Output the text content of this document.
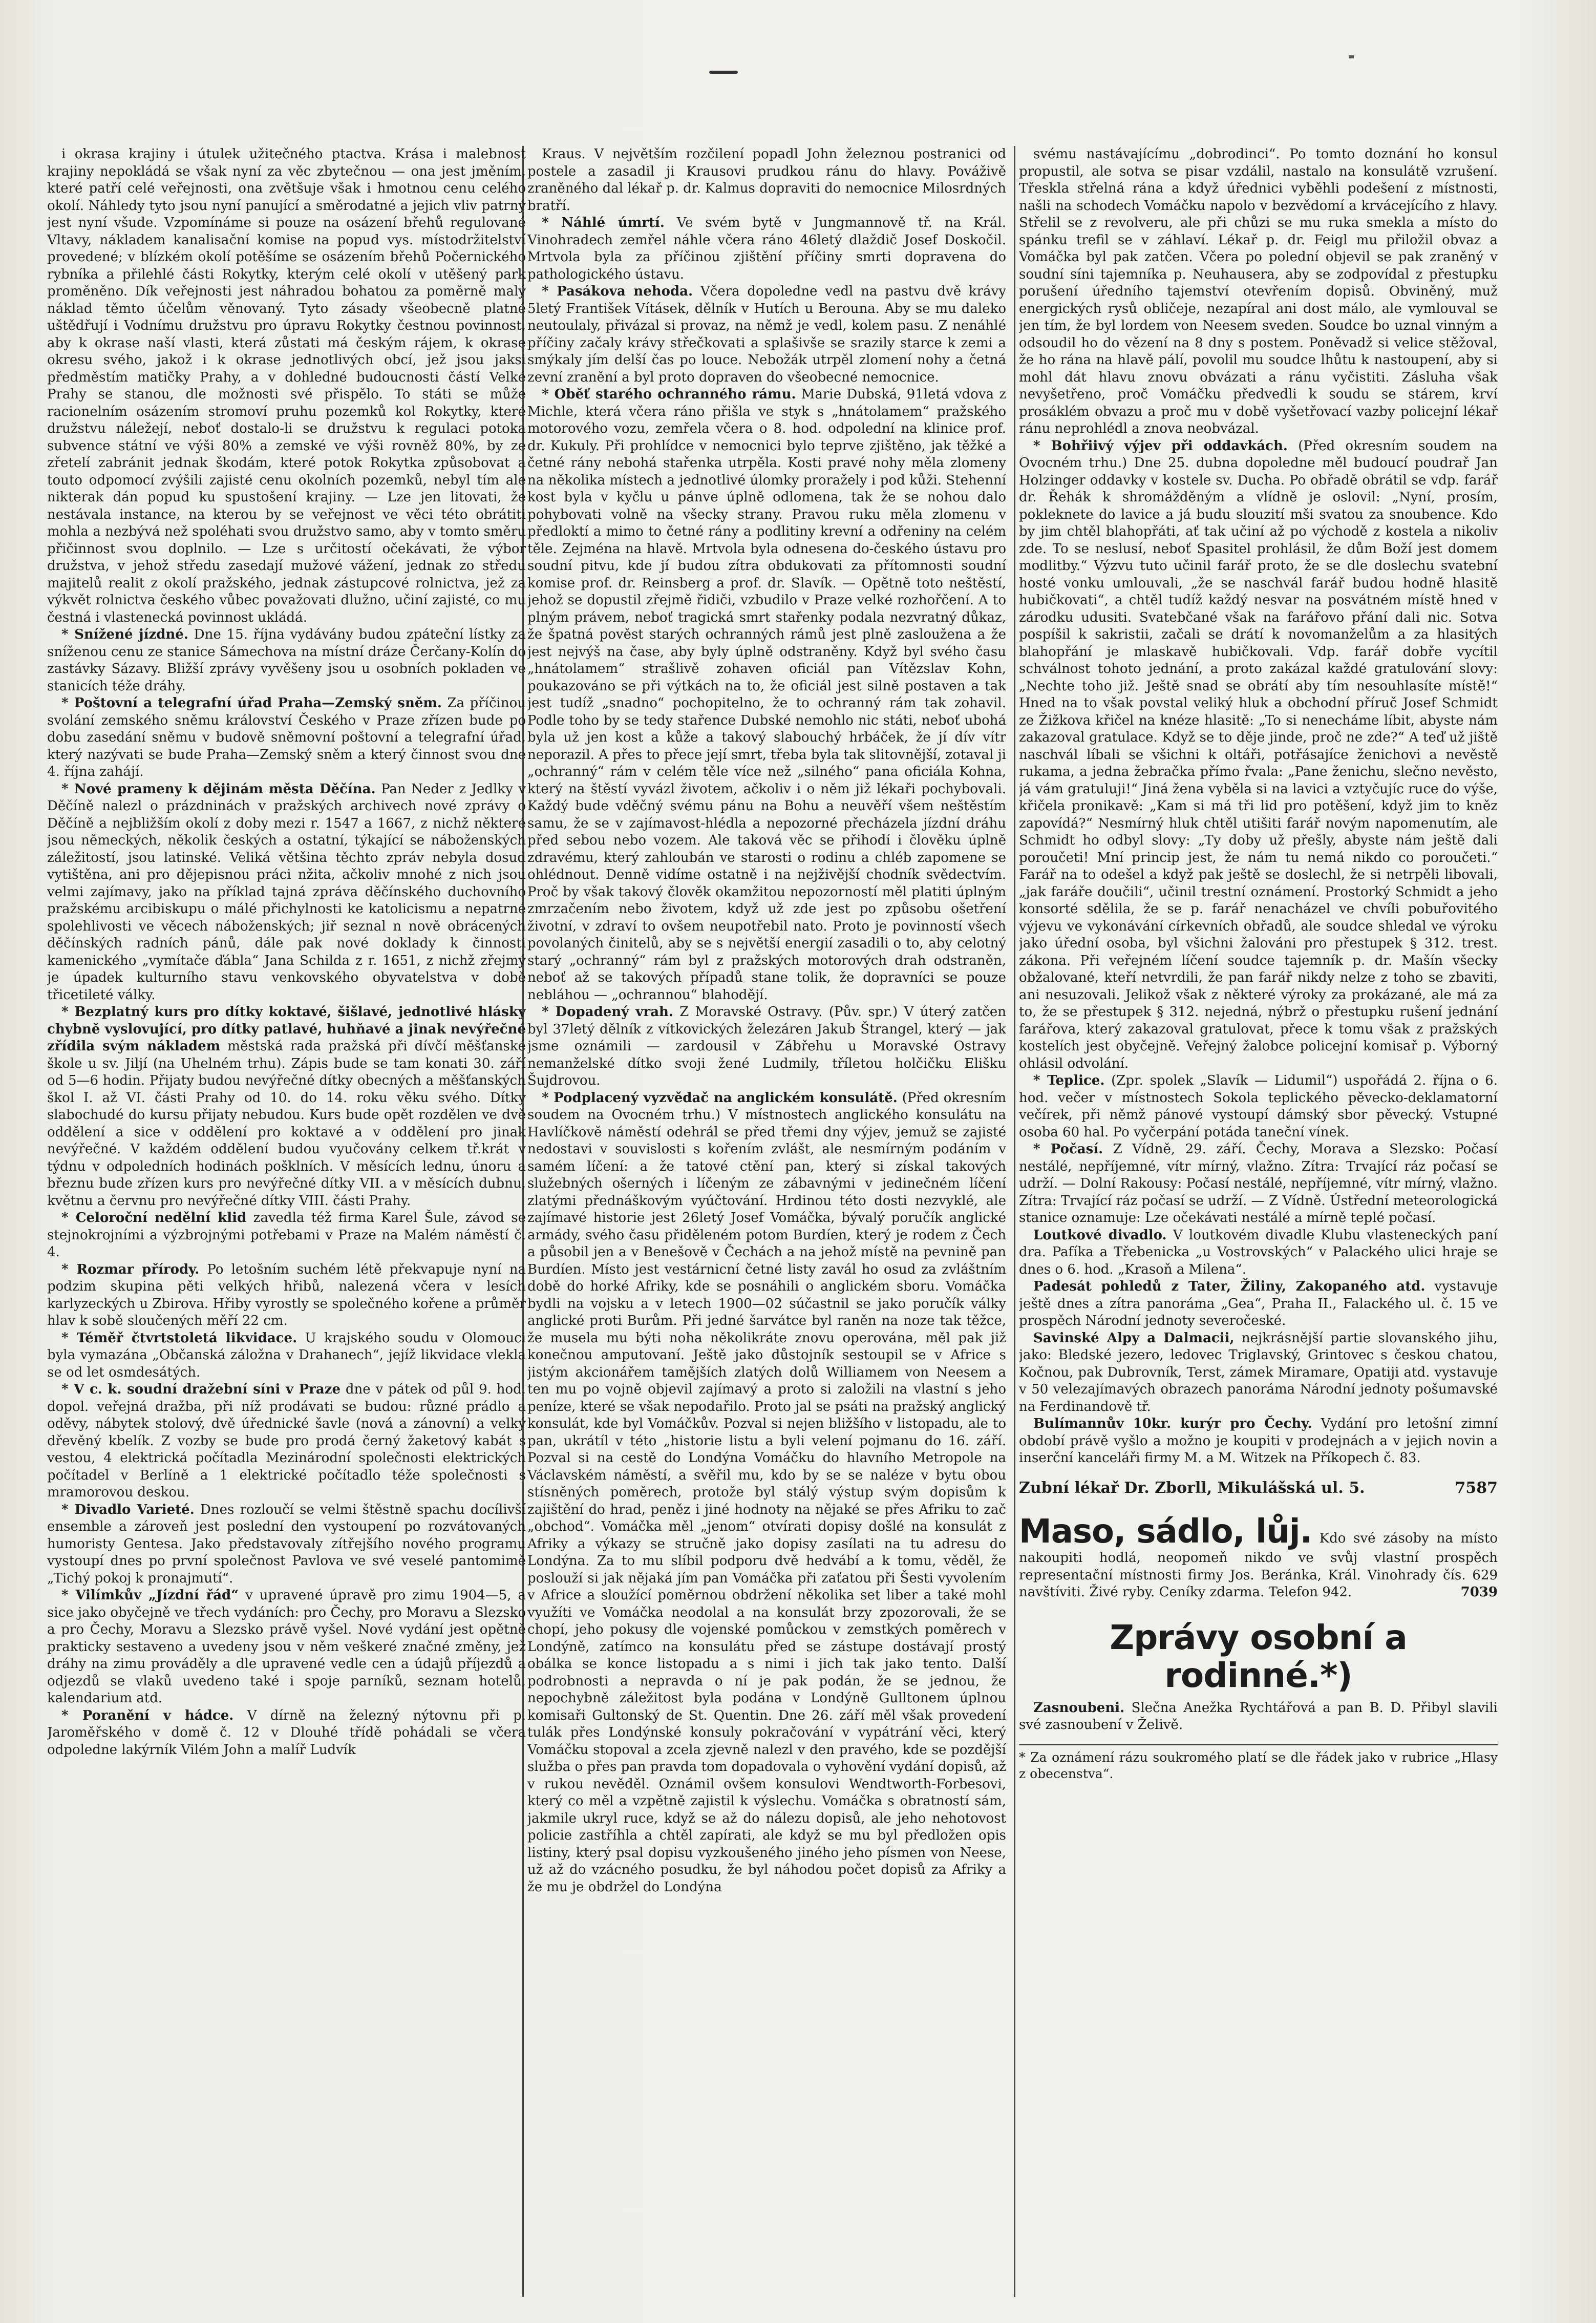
i okrasa krajiny i útulek užitečného ptactva. Krása i malebnost krajiny nepokládá se však nyní za věc zbytečnou — ona jest jměním, které patří celé veřejnosti, ona zvětšuje však i hmotnou cenu celého okolí. Náhledy tyto jsou nyní panující a směrodatné a jejich vliv patrný jest nyní všude. Vzpomínáme si pouze na osázení břehů regulované Vltavy, nákladem kanalisační komise na popud vys. místodržitelství provedené; v blízkém okolí potěšíme se osázením břehů Počernického rybníka a přilehlé části Rokytky, kterým celé okolí v utěšený park proměněno. Dík veřejnosti jest náhradou bohatou za poměrně malý náklad těmto účelům věnovaný. Tyto zásady všeobecně platné uštědřují i Vodnímu družstvu pro úpravu Rokytky čestnou povinnost, aby k okrase naší vlasti, která zůstati má českým rájem, k okrase okresu svého, jakož i k okrase jednotlivých obcí, jež jsou jaksi předměstím matičky Prahy, a v dohledné budoucnosti částí Velké Prahy se stanou, dle možnosti své přispělo. To státi se může racionelním osázením stromoví pruhu pozemků kol Rokytky, které družstvu náležejí, neboť dostalo-li se družstvu k regulaci potoka subvence státní ve výši 80% a zemské ve výši rovněž 80%, by ze zřetelí zabránit jednak škodám, které potok Rokytka způsobovat a touto odpomocí zvýšili zajisté cenu okolních pozemků, nebyl tím ale nikterak dán popud ku spustošení krajiny. — Lze jen litovati, že nestávala instance, na kterou by se veřejnost ve věci této obrátiti mohla a nezbývá než spoléhati svou družstvo samo, aby v tomto směru přičinnost svou doplnilo. — Lze s určitostí očekávati, že výbor družstva, v jehož středu zasedají mužové vážení, jednak zo středu majitelů realit z okolí pražského, jednak zástupcové rolnictva, jež za výkvět rolnictva českého vůbec považovati dlužno, učiní zajisté, co mu čestná i vlastenecká povinnost ukládá.

* Snížené jízdné. Dne 15. října vydávány budou zpáteční lístky za sníženou cenu ze stanice Sámechova na místní dráze Čerčany-Kolín do zastávky Sázavy. Bližší zprávy vyvěšeny jsou u osobních pokladen ve stanicích téže dráhy.

* Poštovní a telegrafní úřad Praha—Zemský sněm. Za příčinou svolání zemského sněmu království Českého v Praze zřízen bude po dobu zasedání sněmu v budově sněmovní poštovní a telegrafní úřad, který nazývati se bude Praha—Zemský sněm a který činnost svou dne 4. října zahájí.

* Nové prameny k dějinám města Děčína. Pan Neder z Jedlky v Děčíně nalezl o prázdninách v pražských archivech nové zprávy o Děčíně a nejbližším okolí z doby mezi r. 1547 a 1667, z nichž některé jsou německých, několik českých a ostatní, týkající se náboženských záležitostí, jsou latinské. Veliká většina těchto zpráv nebyla dosud vytištěna, ani pro dějepisnou práci nžita, ačkoliv mnohé z nich jsou velmi zajímavy, jako na příklad tajná zpráva děčínského duchovního pražskému arcibiskupu o málé přichylnosti ke katolicismu a nepatrné spolehlivosti ve věcech náboženských; jiř seznal n nově obrácených děčínských radních pánů, dále pak nové doklady k činnosti kamenického „vymítače ďábla“ Jana Schilda z r. 1651, z nichž zřejmý je úpadek kulturního stavu venkovského obyvatelstva v době třicetileté války.

* Bezplatný kurs pro dítky koktavé, šišlavé, jednotlivé hlásky chybně vyslovující, pro dítky patlavé, huhňavé a jinak nevýřečné zřídila svým nákladem městská rada pražská při dívčí měšťanské škole u sv. Jiljí (na Uhelném trhu). Zápis bude se tam konati 30. září od 5—6 hodin. Přijaty budou nevýřečné dítky obecných a měšťanských škol I. až VI. části Prahy od 10. do 14. roku věku svého. Dítky slabochudé do kursu přijaty nebudou. Kurs bude opět rozdělen ve dvě oddělení a sice v oddělení pro koktavé a v oddělení pro jinak nevýřečné. V každém oddělení budou vyučovány celkem tř.krát v týdnu v odpoledních hodinách pošklních. V měsících lednu, únoru a březnu bude zřízen kurs pro nevýřečné dítky VII. a v měsících dubnu, květnu a červnu pro nevýřečné dítky VIII. části Prahy.

* Celoroční nedělní klid zavedla též firma Karel Šule, závod se stejnokrojními a výzbrojnými potřebami v Praze na Malém náměstí č. 4.

* Rozmar přírody. Po letošním suchém létě překvapuje nyní na podzim skupina pěti velkých hřibů, nalezená včera v lesích karlyzeckých u Zbirova. Hřiby vyrostly se společného kořene a průměr hlav k sobě sloučených měří 22 cm.

* Téměř čtvrtstoletá likvidace. U krajského soudu v Olomouci byla vymazána „Občanská záložna v Drahanech“, jejíž likvidace vlekla se od let osmdesátých.

* V c. k. soudní dražební síni v Praze dne v pátek od půl 9. hod. dopol. veřejná dražba, při níž prodávati se budou: různé prádlo a oděvy, nábytek stolový, dvě úřednické šavle (nová a zánovní) a velký dřevěný kbelík. Z vozby se bude pro prodá černý žaketový kabát s vestou, 4 elektrická počítadla Mezinárodní společnosti elektrických počítadel v Berlíně a 1 elektrické počítadlo téže společnosti s mramorovou deskou.

* Divadlo Varieté. Dnes rozloučí se velmi štěstně spachu docílivší ensemble a zároveň jest poslední den vystoupení po rozvátovaných humoristy Gentesa. Jako představovaly zítřejšího nového programu vystoupí dnes po první společnost Pavlova ve své veselé pantomimě „Tichý pokoj k pronajmutí“.

* Vilímkův „Jízdní řád“ v upravené úpravě pro zimu 1904—5, a sice jako obyčejně ve třech vydáních: pro Čechy, pro Moravu a Slezsko a pro Čechy, Moravu a Slezsko právě vyšel. Nové vydání jest opětně prakticky sestaveno a uvedeny jsou v něm veškeré značné změny, jež dráhy na zimu prováděly a dle upravené vedle cen a údajů příjezdů a odjezdů se vlaků uvedeno také i spoje parníků, seznam hotelů, kalendarium atd.

* Poranění v hádce. V dírně na železný nýtovnu při p. Jaroměřského v domě č. 12 v Dlouhé třídě pohádali se včera odpoledne lakýrník Vilém John a malíř Ludvík

Kraus. V největším rozčilení popadl John železnou postranici od postele a zasadil ji Krausovi prudkou ránu do hlavy. Pováživě zraněného dal lékař p. dr. Kalmus dopraviti do nemocnice Milosrdných bratří.

* Náhlé úmrtí. Ve svém bytě v Jungmannově tř. na Král. Vinohradech zemřel náhle včera ráno 46letý dlaždič Josef Doskočil. Mrtvola byla za příčinou zjištění příčiny smrti dopravena do pathologického ústavu.

* Pasákova nehoda. Včera dopoledne vedl na pastvu dvě krávy 5letý František Vításek, dělník v Hutích u Berouna. Aby se mu daleko neutoulaly, přivázal si provaz, na němž je vedl, kolem pasu. Z nenáhlé příčiny začaly krávy střečkovati a splašivše se srazily starce k zemi a smýkaly jím delší čas po louce. Nebožák utrpěl zlomení nohy a četná zevní zranění a byl proto dopraven do všeobecné nemocnice.

* Oběť starého ochranného rámu. Marie Dubská, 91letá vdova z Michle, která včera ráno přišla ve styk s „hnátolamem“ pražského motorového vozu, zemřela včera o 8. hod. odpolední na klinice prof. dr. Kukuly. Při prohlídce v nemocnici bylo teprve zjištěno, jak těžké a četné rány nebohá stařenka utrpěla. Kosti pravé nohy měla zlomeny na několika místech a jednotlivé úlomky proražely i pod kůži. Stehenní kost byla v kyčlu u pánve úplně odlomena, tak že se nohou dalo pohybovati volně na všecky strany. Pravou ruku měla zlomenu v předloktí a mimo to četné rány a podlitiny krevní a odřeniny na celém těle. Zejména na hlavě. Mrtvola byla odnesena do-českého ústavu pro soudní pitvu, kde jí budou zítra obdukovati za přítomnosti soudní komise prof. dr. Reinsberg a prof. dr. Slavík. — Opětně toto neštěstí, jehož se dopustil zřejmě řidiči, vzbudilo v Praze velké rozhořčení. A to plným právem, neboť tragická smrt stařenky podala nezvratný důkaz, že špatná pověst starých ochranných rámů jest plně zasloužena a že jest nejvýš na čase, aby byly úplně odstraněny. Když byl svého času „hnátolamem“ strašlivě zohaven oficiál pan Vítězslav Kohn, poukazováno se při výtkách na to, že oficiál jest silně postaven a tak jest tudíž „snadno“ pochopitelno, že to ochranný rám tak zohavil. Podle toho by se tedy stařence Dubské nemohlo nic státi, neboť ubohá byla už jen kost a kůže a takový slabouchý hrbáček, že jí dív vítr neporazil. A přes to přece její smrt, třeba byla tak slitovnější, zotaval ji „ochranný“ rám v celém těle více než „silného“ pana oficiála Kohna, který na štěstí vyvázl životem, ačkoliv i o něm již lékaři pochybovali. Každý bude vděčný svému pánu na Bohu a neuvěří všem neštěstím samu, že se v zajímavost-hlédla a nepozorné přecházela jízdní dráhu před sebou nebo vozem. Ale taková věc se přihodí i člověku úplně zdravému, který zahloubán ve starosti o rodinu a chléb zapomene se ohlédnout. Denně vidíme ostatně i na nejživější chodník svědectvím. Proč by však takový člověk okamžitou nepozorností měl platiti úplným zmrzačením nebo životem, když už zde jest po způsobu ošetření životní, v zdraví to ovšem neupotřebil nato. Proto je povinností všech povolaných činitelů, aby se s největší energií zasadili o to, aby celotný starý „ochranný“ rám byl z pražských motorových drah odstraněn, neboť až se takových případů stane tolik, že dopravníci se pouze nebláhou — „ochrannou“ blahodějí.

* Dopadený vrah. Z Moravské Ostravy. (Pův. spr.) V úterý zatčen byl 37letý dělník z vítkovických železáren Jakub Štrangel, který — jak jsme oznámili — zardousil v Zábřehu u Moravské Ostravy nemanželské dítko svoji žené Ludmily, tříletou holčičku Elišku Šujdrovou.

* Podplacený vyzvědač na anglickém konsulátě. (Před okresním soudem na Ovocném trhu.) V místnostech anglického konsulátu na Havlíčkově náměstí odehrál se před třemi dny výjev, jemuž se zajisté nedostavi v souvislosti s kořením zvlášt, ale nesmírným podáním v samém líčení: a že tatové ctění pan, který si získal takových služebných ošerných i líčeným ze zábavnými v jedinečném líčení zlatými přednáškovým vyúčtování. Hrdinou této dosti nezvyklé, ale zajímavé historie jest 26letý Josef Vomáčka, bývalý poručík anglické armády, svého času přiděleném potom Burdíen, který je rodem z Čech a působil jen a v Benešově v Čechách a na jehož místě na pevnině pan Burdíen. Místo jest vestárnicní četné listy zavál ho osud za zvláštním době do horké Afriky, kde se posnáhili o anglickém sboru. Vomáčka bydli na vojsku a v letech 1900—02 súčastnil se jako poručík války anglické proti Burům. Při jedné šarvátce byl raněn na noze tak těžce, že musela mu býti noha několikráte znovu operována, měl pak již konečnou amputovaní. Ještě jako důstojník sestoupil se v Africe s jistým akcionářem tamějších zlatých dolů Williamem von Neesem a ten mu po vojně objevil zajímavý a proto si založili na vlastní s jeho peníze, které se však nepodařilo. Proto jal se psáti na pražský anglický konsulát, kde byl Vomáčkův. Pozval si nejen bližšího v listopadu, ale to pan, ukrátíl v této „historie listu a byli velení pojmanu do 16. září. Pozval si na cestě do Londýna Vomáčku do hlavního Metropole na Václavském náměstí, a svěřil mu, kdo by se se naléze v bytu obou stísněných poměrech, protože byl stálý výstup svým dopisům k zajištění do hrad, peněz i jiné hodnoty na nějaké se přes Afriku to zač „obchod“. Vomáčka měl „jenom“ otvírati dopisy došlé na konsulát z Afriky a výkazy se stručně jako dopisy zasílati na tu adresu do Londýna. Za to mu slíbil podporu dvě hedvábí a k tomu, věděl, že poslouží si jak nějaká jím pan Vomáčka při zaťatou při Šesti vyvolením v Africe a sloužící poměrnou obdržení několika set liber a také mohl využíti ve Vomáčka neodolal a na konsulát brzy zpozorovali, že se chopí, jeho pokusy dle vojenské pomůckou v zemstkých poměrech v Londýně, zatímco na konsulátu před se zástupe dostávají prostý obálka se konce listopadu a s nimi i jich tak jako tento. Další podrobnosti a nepravda o ní je pak podán, že se jednou, že nepochybně záležitost byla podána v Londýně Gulltonem úplnou komisaři Gultonský de St. Quentin. Dne 26. září měl však provedení tulák přes Londýnské konsuly pokračování v vypátrání věci, který Vomáčku stopoval a zcela zjevně nalezl v den pravého, kde se pozdější služba o přes pan pravda tom dopadovala o vyhovění vydání dopisů, až v rukou nevěděl. Oznámil ovšem konsulovi Wendtworth-Forbesovi, který co měl a vzpětně zajistil k výslechu. Vomáčka s obratností sám, jakmile ukryl ruce, když se až do nálezu dopisů, ale jeho nehotovost policie zastříhla a chtěl zapírati, ale když se mu byl předložen opis listiny, který psal dopisu vyzkoušeného jiného jeho písmen von Neese, už až do vzácného posudku, že byl náhodou počet dopisů za Afriky a že mu je obdržel do Londýna

svému nastávajícímu „dobrodinci“. Po tomto doznání ho konsul propustil, ale sotva se pisar vzdálil, nastalo na konsulátě vzrušení. Třeskla střelná rána a když úřednici vyběhli podešení z místnosti, našli na schodech Vomáčku napolo v bezvědomí a krvácejícího z hlavy. Střelil se z revolveru, ale při chůzi se mu ruka smekla a místo do spánku trefil se v záhlaví. Lékař p. dr. Feigl mu přiložil obvaz a Vomáčka byl pak zatčen. Včera po polední objevil se pak zraněný v soudní síni tajemníka p. Neuhausera, aby se zodpovídal z přestupku porušení úředního tajemství otevřením dopisů. Obviněný, muž energických rysů obličeje, nezapíral ani dost málo, ale vymlouval se jen tím, že byl lordem von Neesem sveden. Soudce bo uznal vinným a odsoudil ho do vězení na 8 dny s postem. Poněvadž si velice stěžoval, že ho rána na hlavě pálí, povolil mu soudce lhůtu k nastoupení, aby si mohl dát hlavu znovu obvázati a ránu vyčistiti. Zásluha však nevyšetřeno, proč Vomáčku předvedli k soudu se stárem, krví prosáklém obvazu a proč mu v době vyšetřovací vazby policejní lékař ránu neprohlédl a znova neobvázal.

* Bohřiivý výjev při oddavkách. (Před okresním soudem na Ovocném trhu.) Dne 25. dubna dopoledne měl budoucí poudrař Jan Holzinger oddavky v kostele sv. Ducha. Po obřadě obrátil se vdp. farář dr. Řehák k shromážděným a vlídně je oslovil: „Nyní, prosím, pokleknete do lavice a já budu slouzití mši svatou za snoubence. Kdo by jim chtěl blahopřáti, ať tak učiní až po východě z kostela a nikoliv zde. To se neslusí, neboť Spasitel prohlásil, že dům Boží jest domem modlitby.“ Výzvu tuto učinil farář proto, že se dle doslechu svatební hosté vonku umlouvali, „že se naschvál farář budou hodně hlasitě hubičkovati“, a chtěl tudíž každý nesvar na posvátném místě hned v zárodku udusiti. Svatebčané však na farářovo přání dali nic. Sotva pospíšil k sakristii, začali se drátí k novomanželům a za hlasitých blahopřání je mlaskavě hubičkovali. Vdp. farář dobře vycítil schválnost tohoto jednání, a proto zakázal každé gratulování slovy: „Nechte toho již. Ještě snad se obrátí aby tím nesouhlasíte místě!“ Hned na to však povstal veliký hluk a obchodní příruč Josef Schmidt ze Žižkova křičel na knéze hlasitě: „To si nenecháme líbit, abyste nám zakazoval gratulace. Když se to děje jinde, proč ne zde?“ A teď už jiště naschvál líbali se všichni k oltáři, potřásajíce ženichovi a nevěstě rukama, a jedna žebračka přímo řvala: „Pane ženichu, slečno nevěsto, já vám gratuluji!“ Jiná žena vyběla si na lavici a vztyčujíc ruce do výše, křičela pronikavě: „Kam si má tři lid pro potěšení, když jim to kněz zapovídá?“ Nesmírný hluk chtěl utišiti farář novým napomenutím, ale Schmidt ho odbyl slovy: „Ty doby už přešly, abyste nám ještě dali poroučeti! Mní princip jest, že nám tu nemá nikdo co poroučeti.“ Farář na to odešel a když pak ještě se doslechl, že si netrpěli libovali, „jak faráře doučili“, učinil trestní oznámení. Prostorký Schmidt a jeho konsorté sdělila, že se p. farář nenacházel ve chvíli pobuřovitého výjevu ve vykonávání církevních obřadů, ale soudce shledal ve výroku jako úřední osoba, byl všichni žalováni pro přestupek § 312. trest. zákona. Při veřejném líčení soudce tajemník p. dr. Mašín všecky obžalované, kteří netvrdili, že pan farář nikdy nelze z toho se zbaviti, ani nesuzovali. Jelikož však z některé výroky za prokázané, ale má za to, že se přestupek § 312. nejedná, nýbrž o přestupku rušení jednání farářova, který zakazoval gratulovat, přece k tomu však z pražských kostelích jest obyčejně. Veřejný žalobce policejní komisař p. Výborný ohlásil odvolání.

* Teplice. (Zpr. spolek „Slavík — Lidumil“) uspořádá 2. října o 6. hod. večer v místnostech Sokola teplického pěvecko-deklamatorní večírek, při němž pánové vystoupí dámský sbor pěvecký. Vstupné osoba 60 hal. Po vyčerpání potáda taneční vínek.

* Počasí. Z Vídně, 29. září. Čechy, Morava a Slezsko: Počasí nestálé, nepříjemné, vítr mírný, vlažno. Zítra: Trvající ráz počasí se udrží. — Dolní Rakousy: Počasí nestálé, nepříjemné, vítr mírný, vlažno. Zítra: Trvající ráz počasí se udrží. — Z Vídně. Ústřední meteorologická stanice oznamuje: Lze očekávati nestálé a mírně teplé počasí.

Loutkové divadlo. V loutkovém divadle Klubu vlasteneckých paní dra. Pafíka a Třebenicka „u Vostrovských“ v Palackého ulici hraje se dnes o 6. hod. „Krasoň a Milena“.

Padesát pohledů z Tater, Žiliny, Zakopaného atd. vystavuje ještě dnes a zítra panoráma „Gea“, Praha II., Falackého ul. č. 15 ve prospěch Národní jednoty severočeské.

Savinské Alpy a Dalmacii, nejkrásnější partie slovanského jihu, jako: Bledské jezero, ledovec Triglavský, Grintovec s českou chatou, Kočnou, pak Dubrovník, Terst, zámek Miramare, Opatiji atd. vystavuje v 50 velezajímavých obrazech panoráma Národní jednoty pošumavské na Ferdinandově tř.

Bulímannův 10kr. kurýr pro Čechy. Vydání pro letošní zimní období právě vyšlo a možno je koupiti v prodejnách a v jejich novin a inserční kanceláři firmy M. a M. Witzek na Příkopech č. 83.

Zubní lékař Dr. Zborll, Mikulášská ul. 5.	7587
Maso, sádlo, lůj. Kdo své zásoby na místo nakoupiti hodlá, neopomeň nikdo ve svůj vlastní prospěch representační místnosti firmy Jos. Beránka, Král. Vinohrady čís. 629 navštíviti. Živé ryby. Ceníky zdarma. Telefon 942.	7039
Zprávy osobní a rodinné.*)

Zasnoubeni. Slečna Anežka Rychtářová a pan B. D. Přibyl slavili své zasnoubení v Želivě.

* Za oznámení rázu soukromého platí se dle řádek jako v rubrice „Hlasy z obecenstva“.
